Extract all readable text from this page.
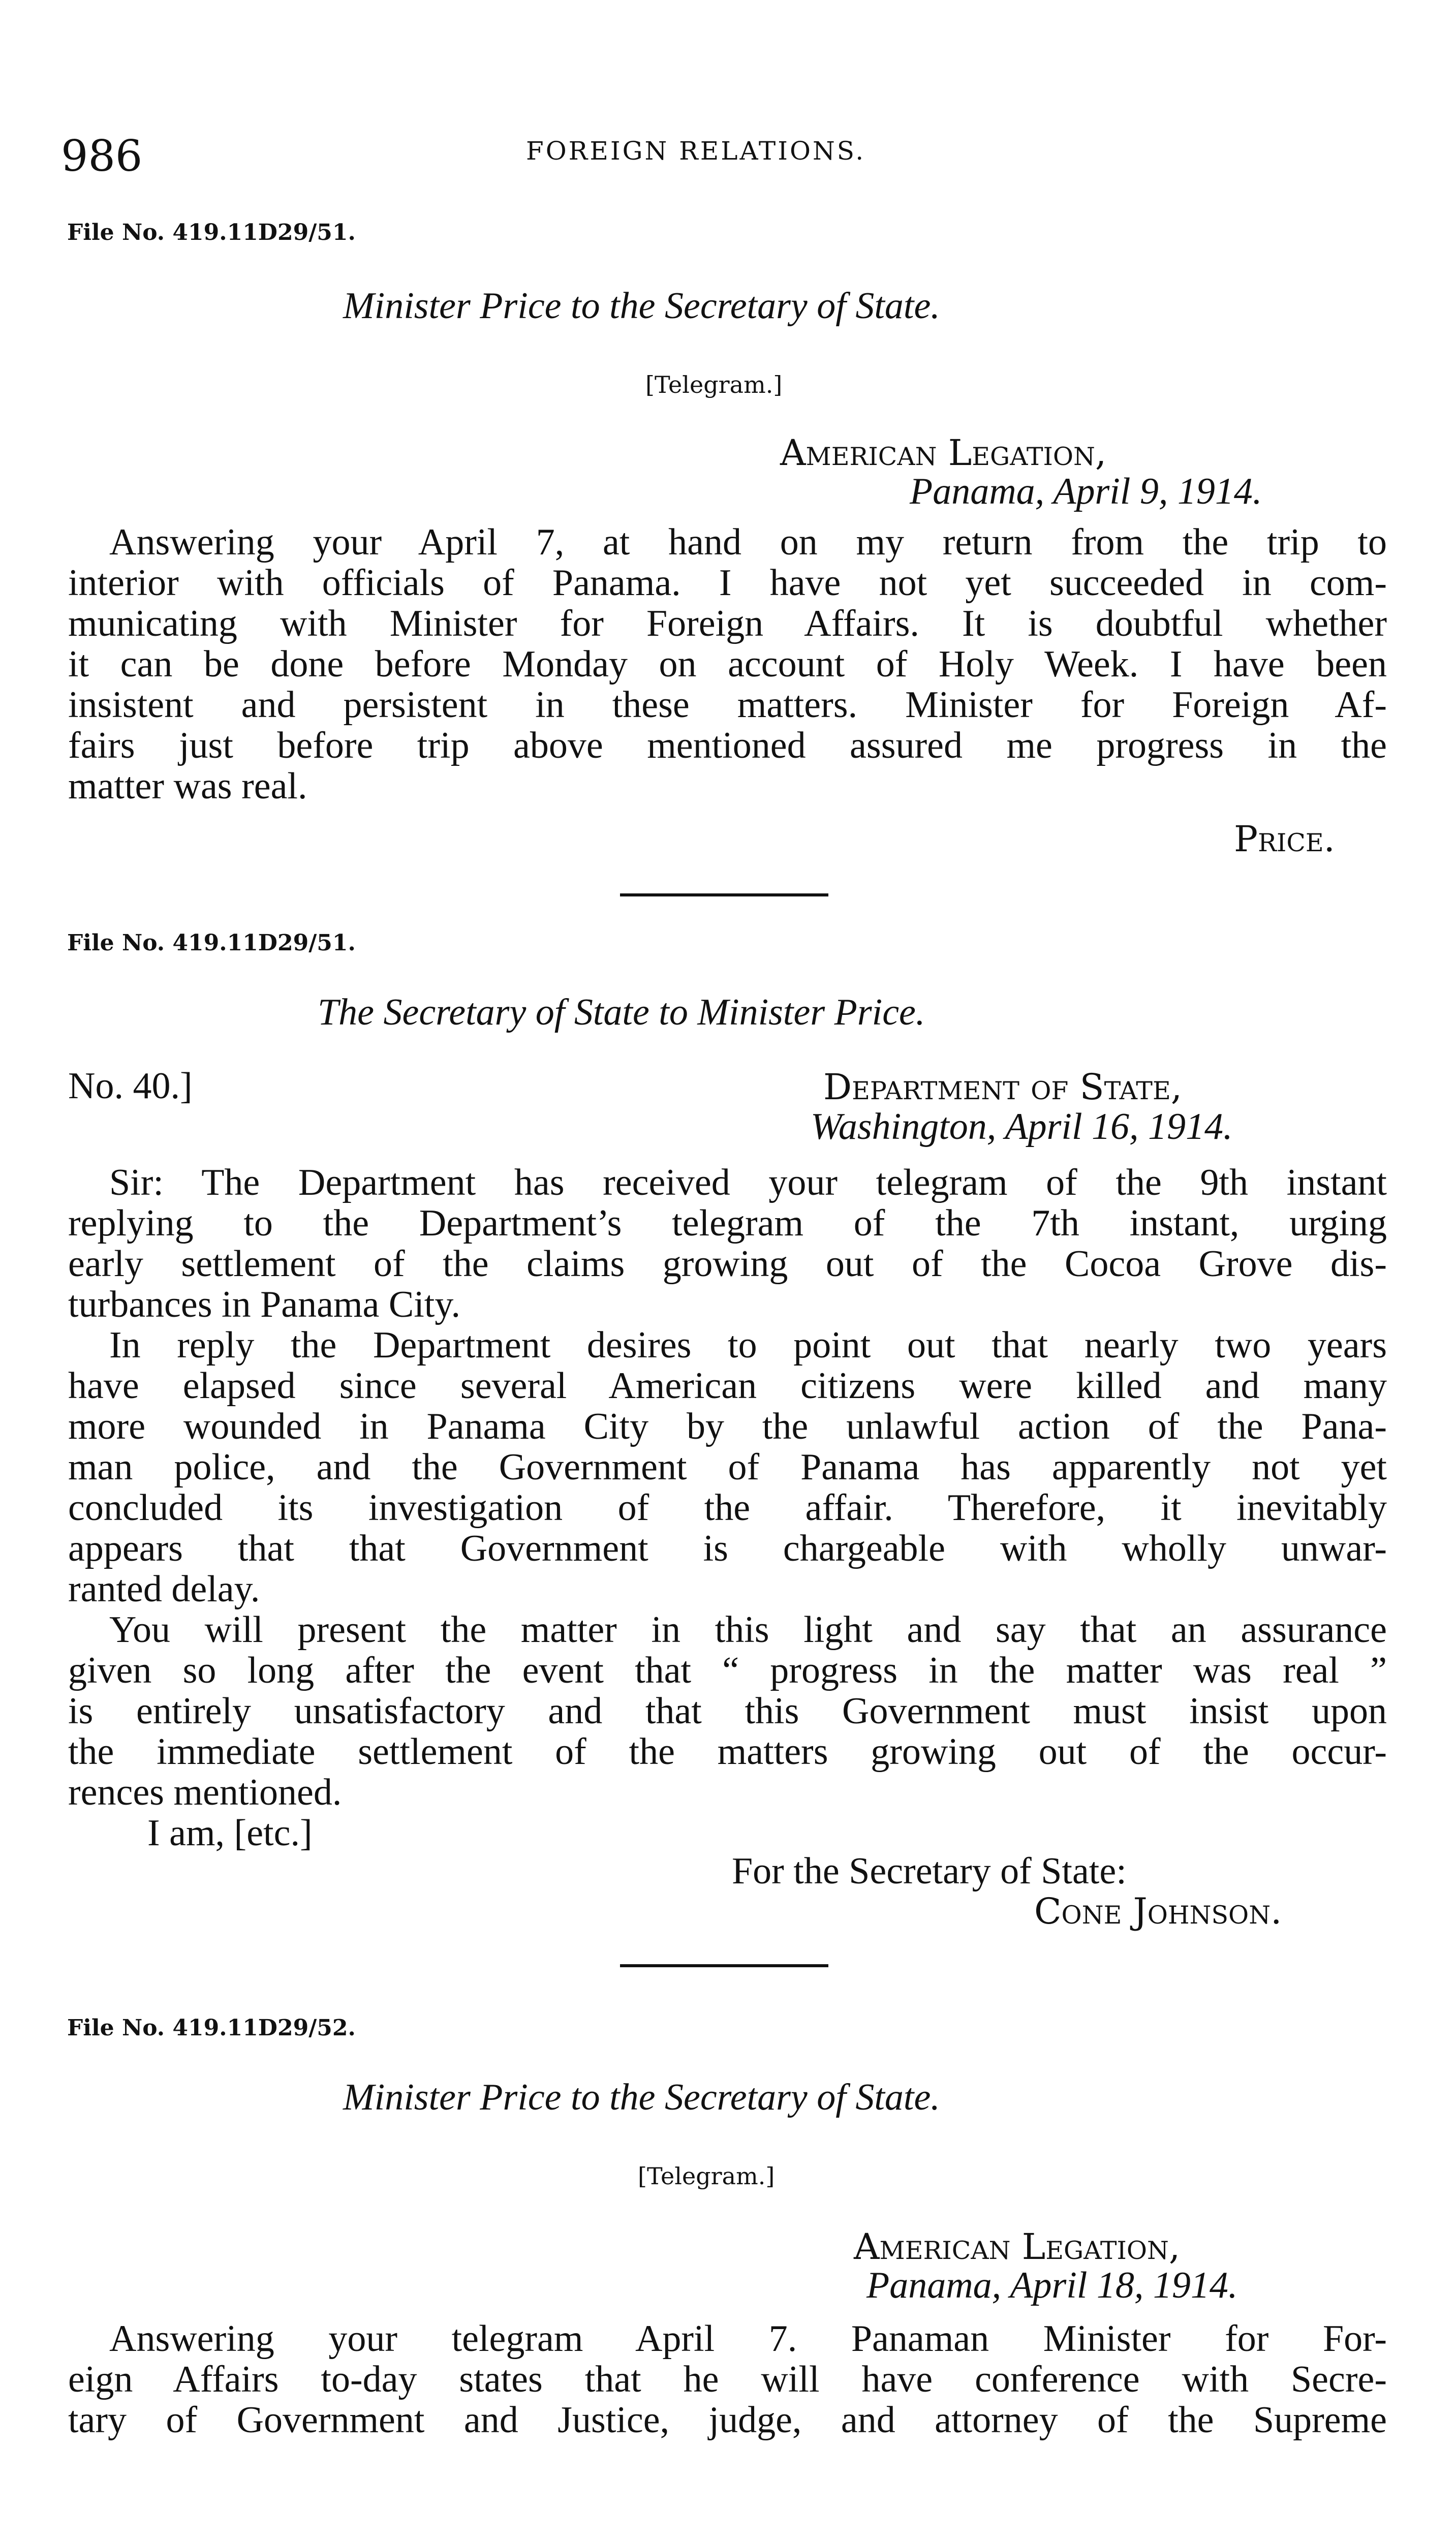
986	FOREIGN RELATIONS.
File No. 419.11D29/51.
Minister Price to the Secretary of State.
[Telegram.]
American Legation,
Panama, April 9, 1914.
Answering your April 7, at hand on my return from the trip to
interior with officials of Panama. I have not yet succeeded in com-
municating with Minister for Foreign Affairs. It is doubtful whether
it can be done before Monday on account of Holy Week. I have been
insistent and persistent in these matters. Minister for Foreign Af-
fairs just before trip above mentioned assured me progress in the
matter was real.
Price.
File No. 419.11D29/51.
The Secretary of State to Minister Price.
No. 40.]	Department of State,
Washington, April 16, 1914.
Sir: The Department has received your telegram of the 9th instant
replying to the Department’s telegram of the 7th instant, urging
early settlement of the claims growing out of the Cocoa Grove dis-
turbances in Panama City.
In reply the Department desires to point out that nearly two years
have elapsed since several American citizens were killed and many
more wounded in Panama City by the unlawful action of the Pana-
man police, and the Government of Panama has apparently not yet
concluded its investigation of the affair. Therefore, it inevitably
appears that that Government is chargeable with wholly unwar-
ranted delay.
You will present the matter in this light and say that an assurance
given so long after the event that “ progress in the matter was real ”
is entirely unsatisfactory and that this Government must insist upon
the immediate settlement of the matters growing out of the occur-
rences mentioned.
I am, [etc.]
For the Secretary of State:
Cone Johnson.
File No. 419.11D29/52.
Minister Price to the Secretary of State.
[Telegram.]
American Legation,
Panama, April 18, 1914.
Answering your telegram April 7. Panaman Minister for For-
eign Affairs to-day states that he will have conference with Secre-
tary of Government and Justice, judge, and attorney of the Supreme
